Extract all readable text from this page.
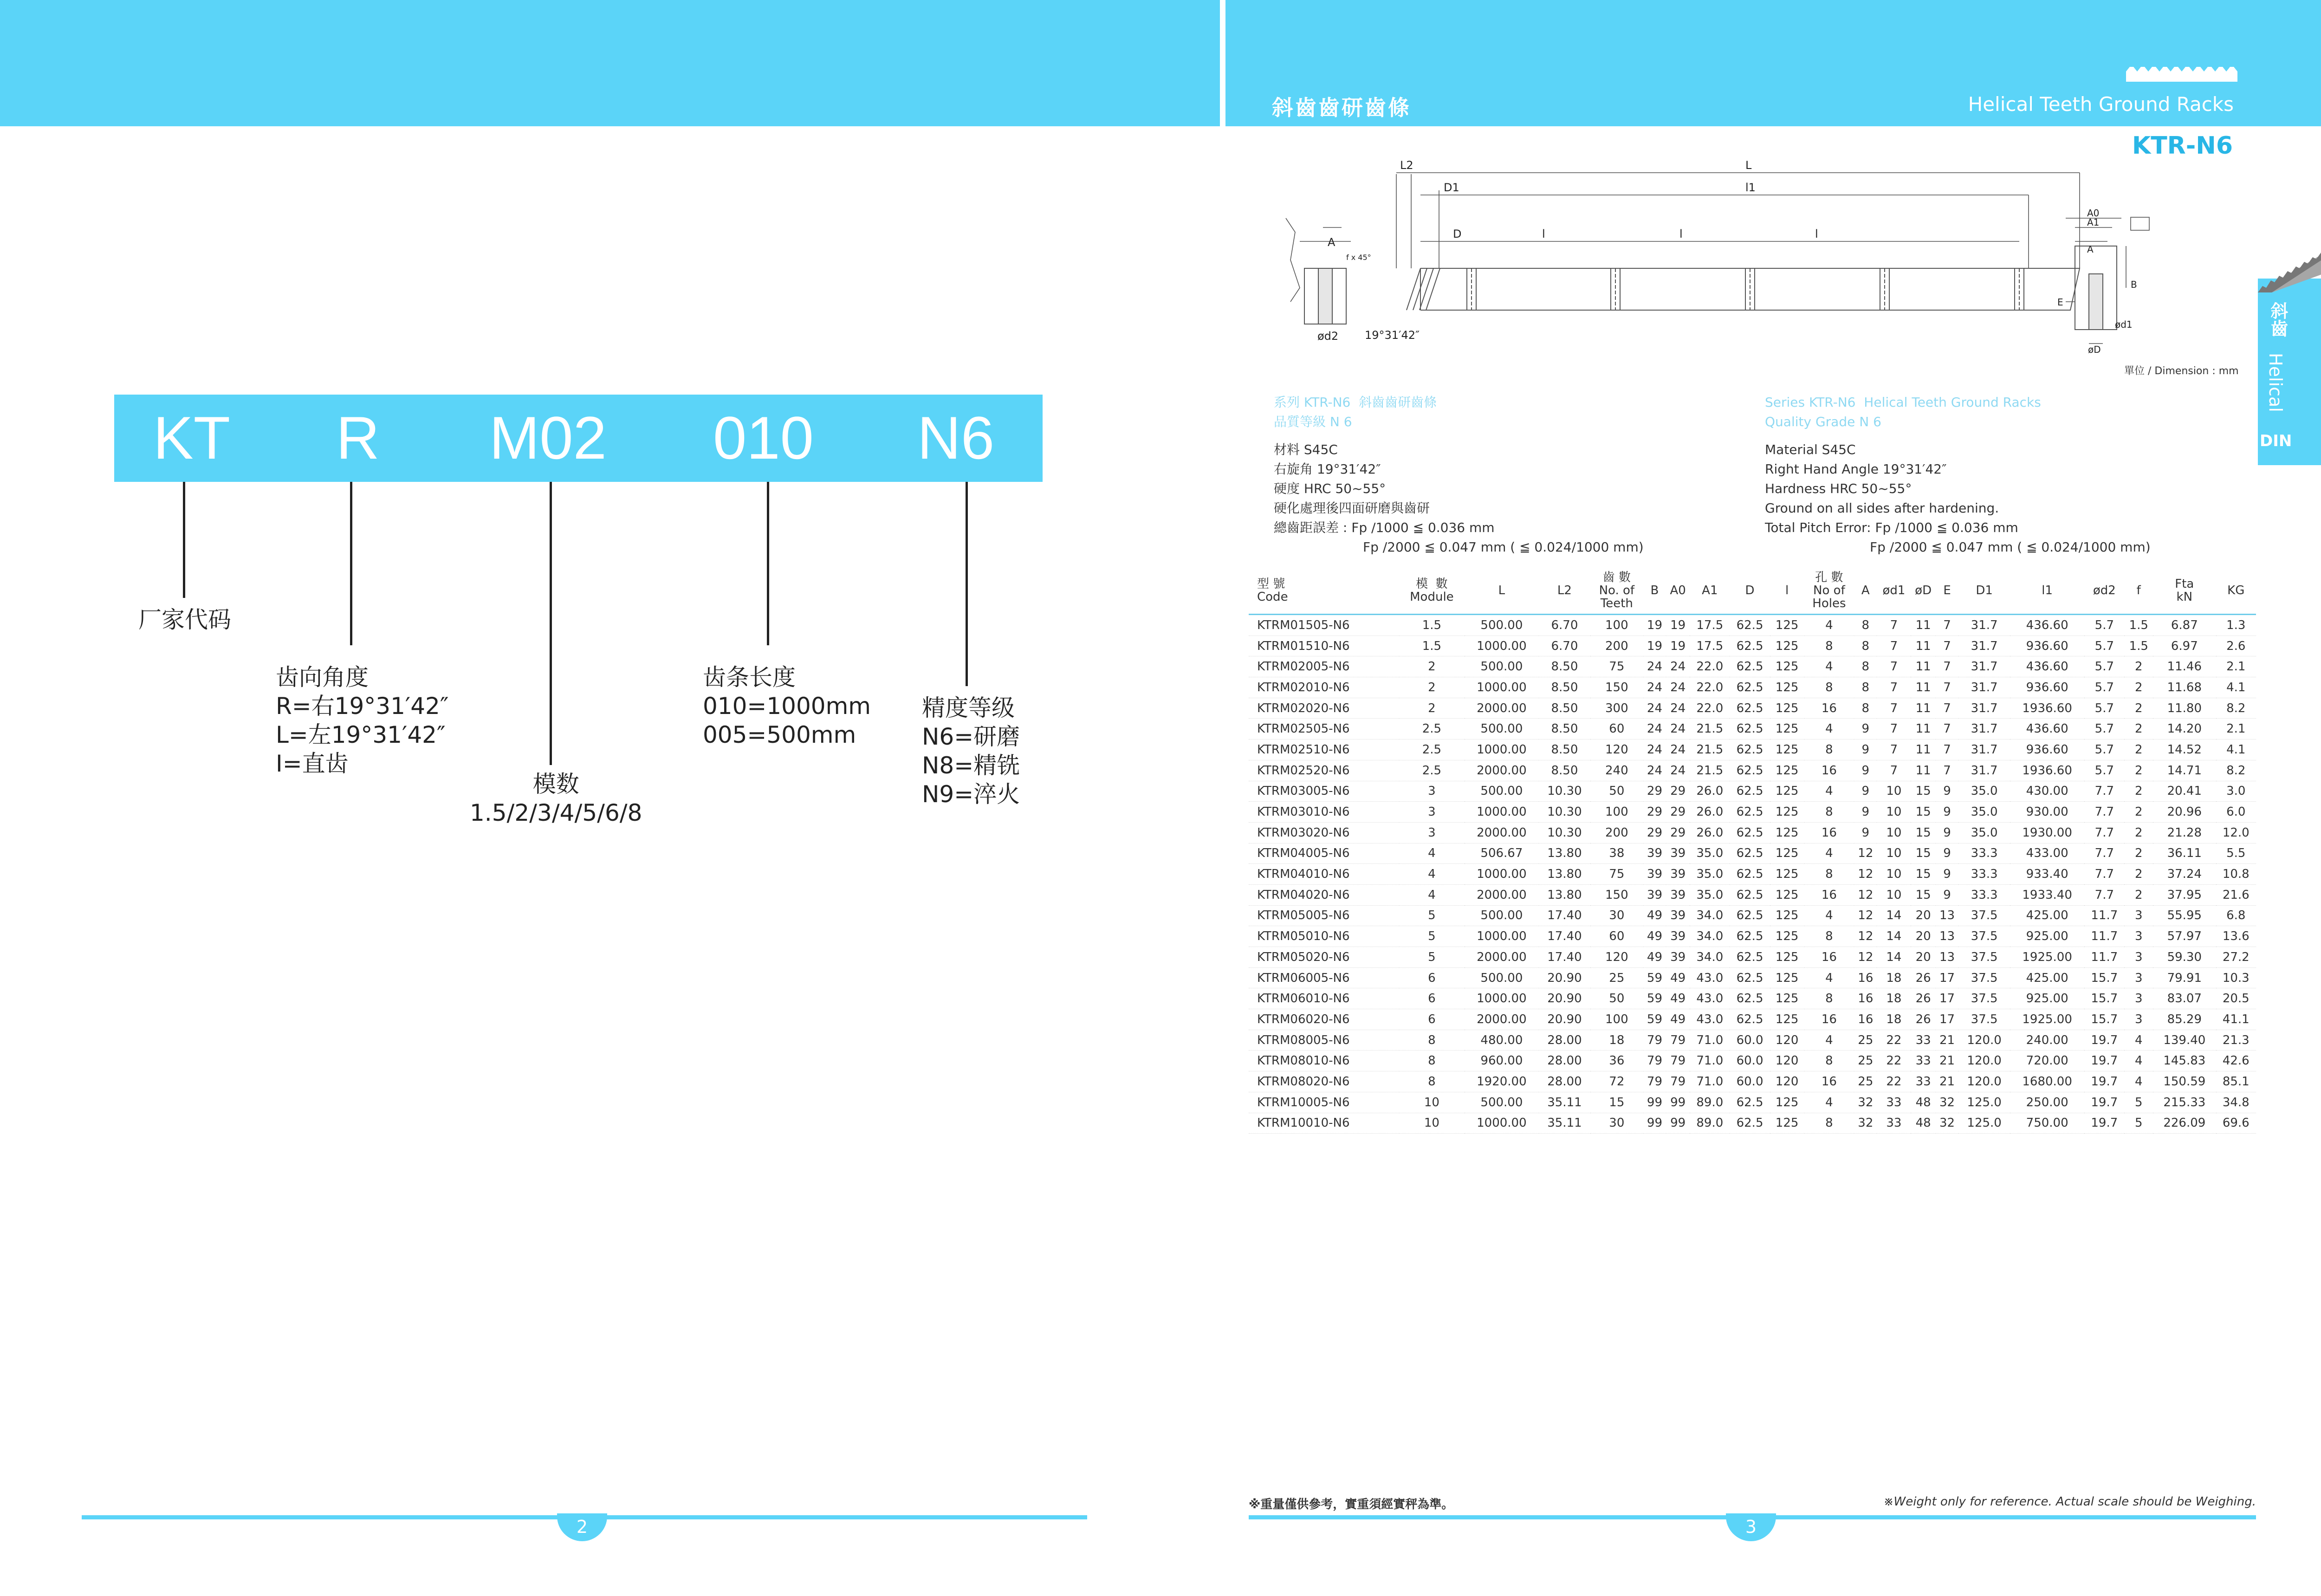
斜齒齒研齒條	Helical Teeth Ground Racks
KTR-N6
KT R M02 010 N6
厂家代码
齿向角度
R=右19°31′42″
L=左19°31′42″
I=直齿
模数
1.5/2/3/4/5/6/8
齿条长度
010=1000mm
005=500mm
精度等级
N6=研磨
N8=精铣
N9=淬火
斜齒
Helical
DIN
L2	L
D1	l1
D	l	l	l
A
f x 45°
ød2 19°31′42″
A0
A1
A
B
E
ød1
øD
單位 / Dimension : mm
系列 KTR-N6  斜齒齒研齒條
品質等級 N 6
Series KTR-N6  Helical Teeth Ground Racks
Quality Grade N 6
材料 S45C
右旋角 19°31′42″
硬度 HRC 50~55°
硬化處理後四面研磨與齒研
總齒距誤差 : Fp /1000 ≦ 0.036 mm
Fp /2000 ≦ 0.047 mm ( ≦ 0.024/1000 mm)
Material S45C
Right Hand Angle 19°31′42″
Hardness HRC 50~55°
Ground on all sides after hardening.
Total Pitch Error: Fp /1000 ≦ 0.036 mm
Fp /2000 ≦ 0.047 mm ( ≦ 0.024/1000 mm)
型 號
Code	模  數
Module	L	L2	齒 數
No. of
Teeth	B	A0	A1	D	l	孔 數
No of
Holes	A	ød1	øD	E	D1	l1	ød2	f	Fta
kN	KG
KTRM01505-N6	1.5	500.00	6.70	100	19	19	17.5	62.5	125	4	8	7	11	7	31.7	436.60	5.7	1.5	6.87	1.3
KTRM01510-N6	1.5	1000.00	6.70	200	19	19	17.5	62.5	125	8	8	7	11	7	31.7	936.60	5.7	1.5	6.97	2.6
KTRM02005-N6	2	500.00	8.50	75	24	24	22.0	62.5	125	4	8	7	11	7	31.7	436.60	5.7	2	11.46	2.1
KTRM02010-N6	2	1000.00	8.50	150	24	24	22.0	62.5	125	8	8	7	11	7	31.7	936.60	5.7	2	11.68	4.1
KTRM02020-N6	2	2000.00	8.50	300	24	24	22.0	62.5	125	16	8	7	11	7	31.7	1936.60	5.7	2	11.80	8.2
KTRM02505-N6	2.5	500.00	8.50	60	24	24	21.5	62.5	125	4	9	7	11	7	31.7	436.60	5.7	2	14.20	2.1
KTRM02510-N6	2.5	1000.00	8.50	120	24	24	21.5	62.5	125	8	9	7	11	7	31.7	936.60	5.7	2	14.52	4.1
KTRM02520-N6	2.5	2000.00	8.50	240	24	24	21.5	62.5	125	16	9	7	11	7	31.7	1936.60	5.7	2	14.71	8.2
KTRM03005-N6	3	500.00	10.30	50	29	29	26.0	62.5	125	4	9	10	15	9	35.0	430.00	7.7	2	20.41	3.0
KTRM03010-N6	3	1000.00	10.30	100	29	29	26.0	62.5	125	8	9	10	15	9	35.0	930.00	7.7	2	20.96	6.0
KTRM03020-N6	3	2000.00	10.30	200	29	29	26.0	62.5	125	16	9	10	15	9	35.0	1930.00	7.7	2	21.28	12.0
KTRM04005-N6	4	506.67	13.80	38	39	39	35.0	62.5	125	4	12	10	15	9	33.3	433.00	7.7	2	36.11	5.5
KTRM04010-N6	4	1000.00	13.80	75	39	39	35.0	62.5	125	8	12	10	15	9	33.3	933.40	7.7	2	37.24	10.8
KTRM04020-N6	4	2000.00	13.80	150	39	39	35.0	62.5	125	16	12	10	15	9	33.3	1933.40	7.7	2	37.95	21.6
KTRM05005-N6	5	500.00	17.40	30	49	39	34.0	62.5	125	4	12	14	20	13	37.5	425.00	11.7	3	55.95	6.8
KTRM05010-N6	5	1000.00	17.40	60	49	39	34.0	62.5	125	8	12	14	20	13	37.5	925.00	11.7	3	57.97	13.6
KTRM05020-N6	5	2000.00	17.40	120	49	39	34.0	62.5	125	16	12	14	20	13	37.5	1925.00	11.7	3	59.30	27.2
KTRM06005-N6	6	500.00	20.90	25	59	49	43.0	62.5	125	4	16	18	26	17	37.5	425.00	15.7	3	79.91	10.3
KTRM06010-N6	6	1000.00	20.90	50	59	49	43.0	62.5	125	8	16	18	26	17	37.5	925.00	15.7	3	83.07	20.5
KTRM06020-N6	6	2000.00	20.90	100	59	49	43.0	62.5	125	16	16	18	26	17	37.5	1925.00	15.7	3	85.29	41.1
KTRM08005-N6	8	480.00	28.00	18	79	79	71.0	60.0	120	4	25	22	33	21	120.0	240.00	19.7	4	139.40	21.3
KTRM08010-N6	8	960.00	28.00	36	79	79	71.0	60.0	120	8	25	22	33	21	120.0	720.00	19.7	4	145.83	42.6
KTRM08020-N6	8	1920.00	28.00	72	79	79	71.0	60.0	120	16	25	22	33	21	120.0	1680.00	19.7	4	150.59	85.1
KTRM10005-N6	10	500.00	35.11	15	99	99	89.0	62.5	125	4	32	33	48	32	125.0	250.00	19.7	5	215.33	34.8
KTRM10010-N6	10	1000.00	35.11	30	99	99	89.0	62.5	125	8	32	33	48	32	125.0	750.00	19.7	5	226.09	69.6
2	3
※重量僅供參考，實重須經實秤為準。	※Weight only for reference. Actual scale should be Weighing.
